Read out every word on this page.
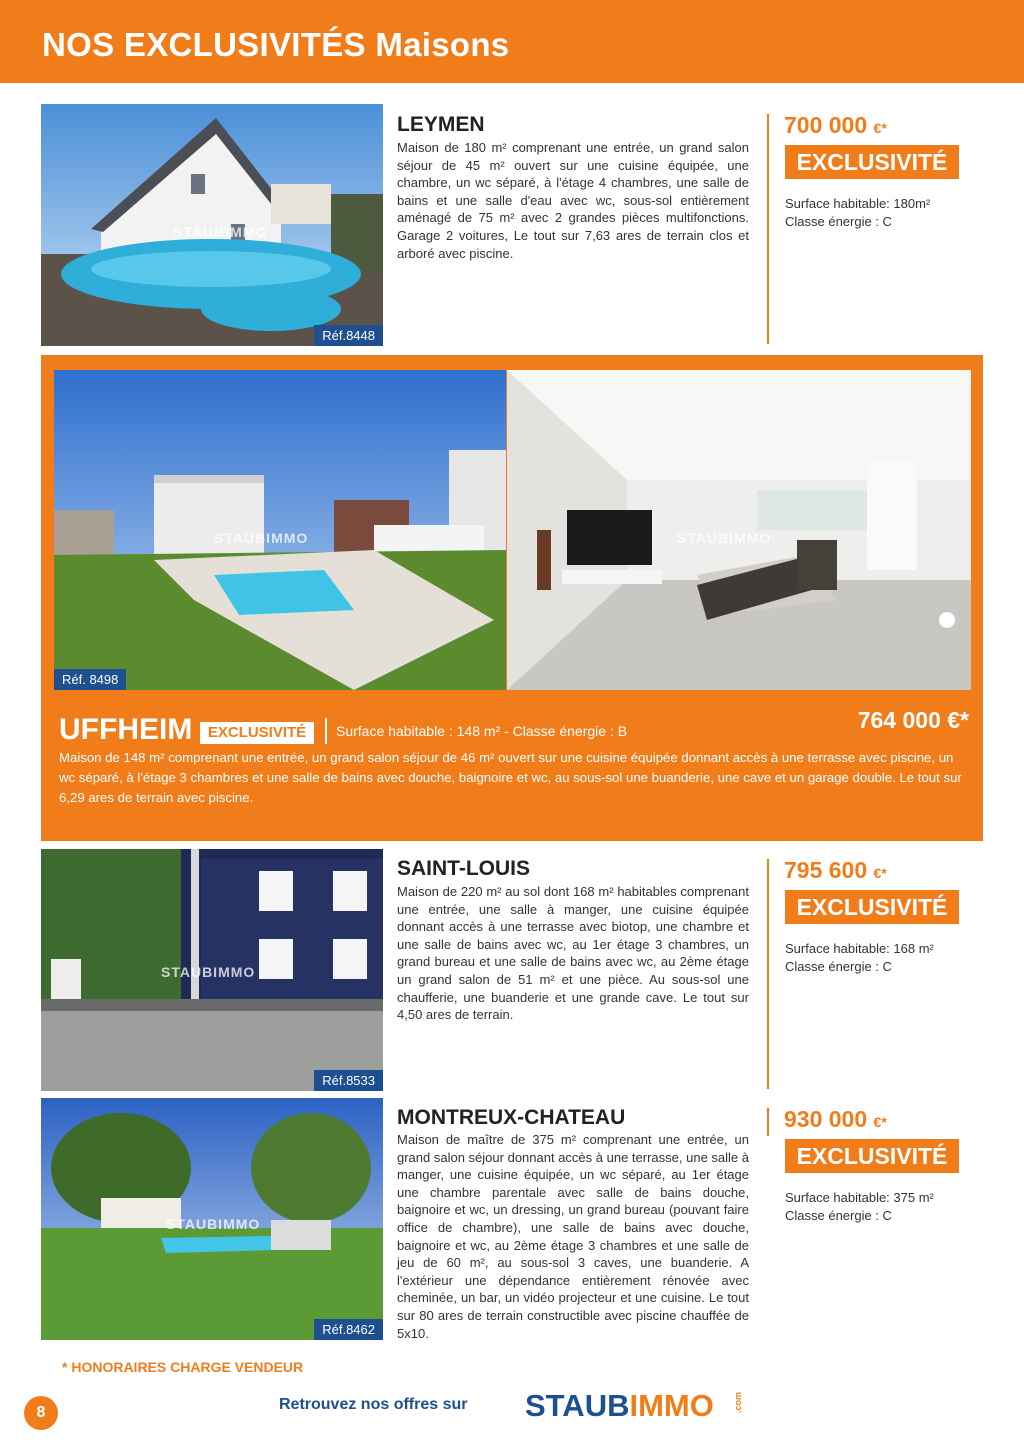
NOS EXCLUSIVITÉS Maisons
STAUBIMMO
Réf.8448
LEYMEN
Maison de 180 m² comprenant une entrée, un grand salon séjour de 45 m² ouvert sur une cuisine équipée, une chambre, un wc séparé, à l'étage 4 chambres, une salle de bains et une salle d'eau avec wc, sous-sol entièrement aménagé de 75 m² avec 2 grandes pièces multifonctions. Garage 2 voitures, Le tout sur 7,63 ares de terrain clos et arboré avec piscine.
700 000 €*
EXCLUSIVITÉ
Surface habitable: 180m²
Classe énergie : C
STAUBIMMO
Réf. 8498
STAUBIMMO
UFFHEIM	EXCLUSIVITÉ	Surface habitable : 148 m² - Classe énergie : B	764 000 €*
Maison de 148 m² comprenant une entrée, un grand salon séjour de 46 m² ouvert sur une cuisine équipée donnant accès à une terrasse avec piscine, un wc séparé, à l'étage 3 chambres et une salle de bains avec douche, baignoire et wc, au sous-sol une buanderie, une cave et un garage double. Le tout sur 6,29 ares de terrain avec piscine.
STAUBIMMO
Réf.8533
SAINT-LOUIS
Maison de 220 m² au sol dont 168 m² habitables comprenant une entrée, une salle à manger, une cuisine équipée donnant accès à une terrasse avec biotop, une chambre et une salle de bains avec wc, au 1er étage 3 chambres, un grand bureau et une salle de bains avec wc, au 2ème étage un grand salon de 51 m² et une pièce. Au sous-sol une chaufferie, une buanderie et une grande cave. Le tout sur 4,50 ares de terrain.
795 600 €*
EXCLUSIVITÉ
Surface habitable: 168 m²
Classe énergie : C
STAUBIMMO
Réf.8462
MONTREUX-CHATEAU
Maison de maître de 375 m² comprenant une entrée, un grand salon séjour donnant accès à une terrasse, une salle à manger, une cuisine équipée, un wc séparé, au 1er étage une chambre parentale avec salle de bains douche, baignoire et wc, un dressing, un grand bureau (pouvant faire office de chambre), une salle de bains avec douche, baignoire et wc, au 2ème étage 3 chambres et une salle de jeu de 60 m², au sous-sol 3 caves, une buanderie. A l'extérieur une dépendance entièrement rénovée avec cheminée, un bar, un vidéo projecteur et une cuisine. Le tout sur 80 ares de terrain constructible avec piscine chauffée de 5x10.
930 000 €*
EXCLUSIVITÉ
Surface habitable: 375 m²
Classe énergie : C
* HONORAIRES CHARGE VENDEUR
8	Retrouvez nos offres sur STAUBIMMO .com
